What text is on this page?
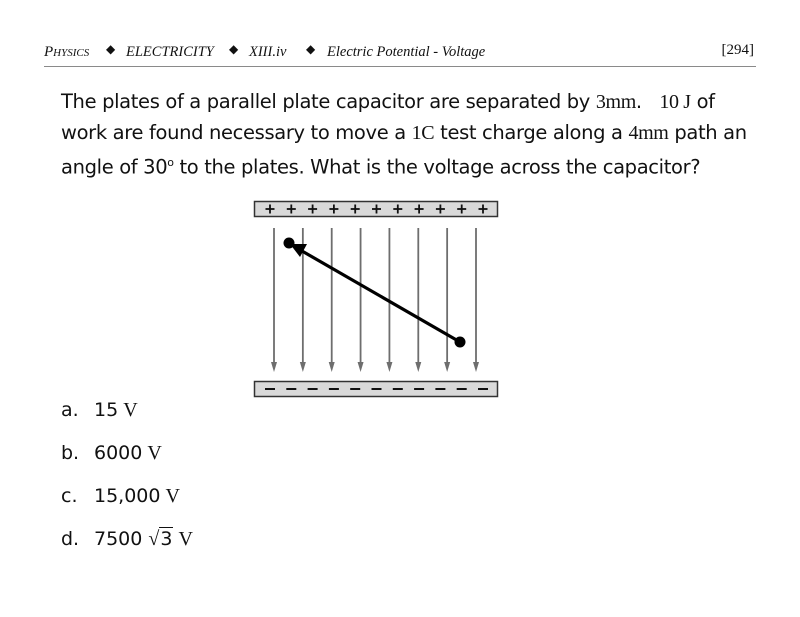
Physics ◆ ELECTRICITY ◆ XIII.iv ◆ Electric Potential - Voltage	[294]
The plates of a parallel plate capacitor are separated by 3mm.   10 J of
work are found necessary to move a 1C test charge along a 4mm path an
angle of 30$^o$ to the plates. What is the voltage across the capacitor?
a. 15 V
b. 6000 V
c. 15,000 V
d. 7500 √3 V
